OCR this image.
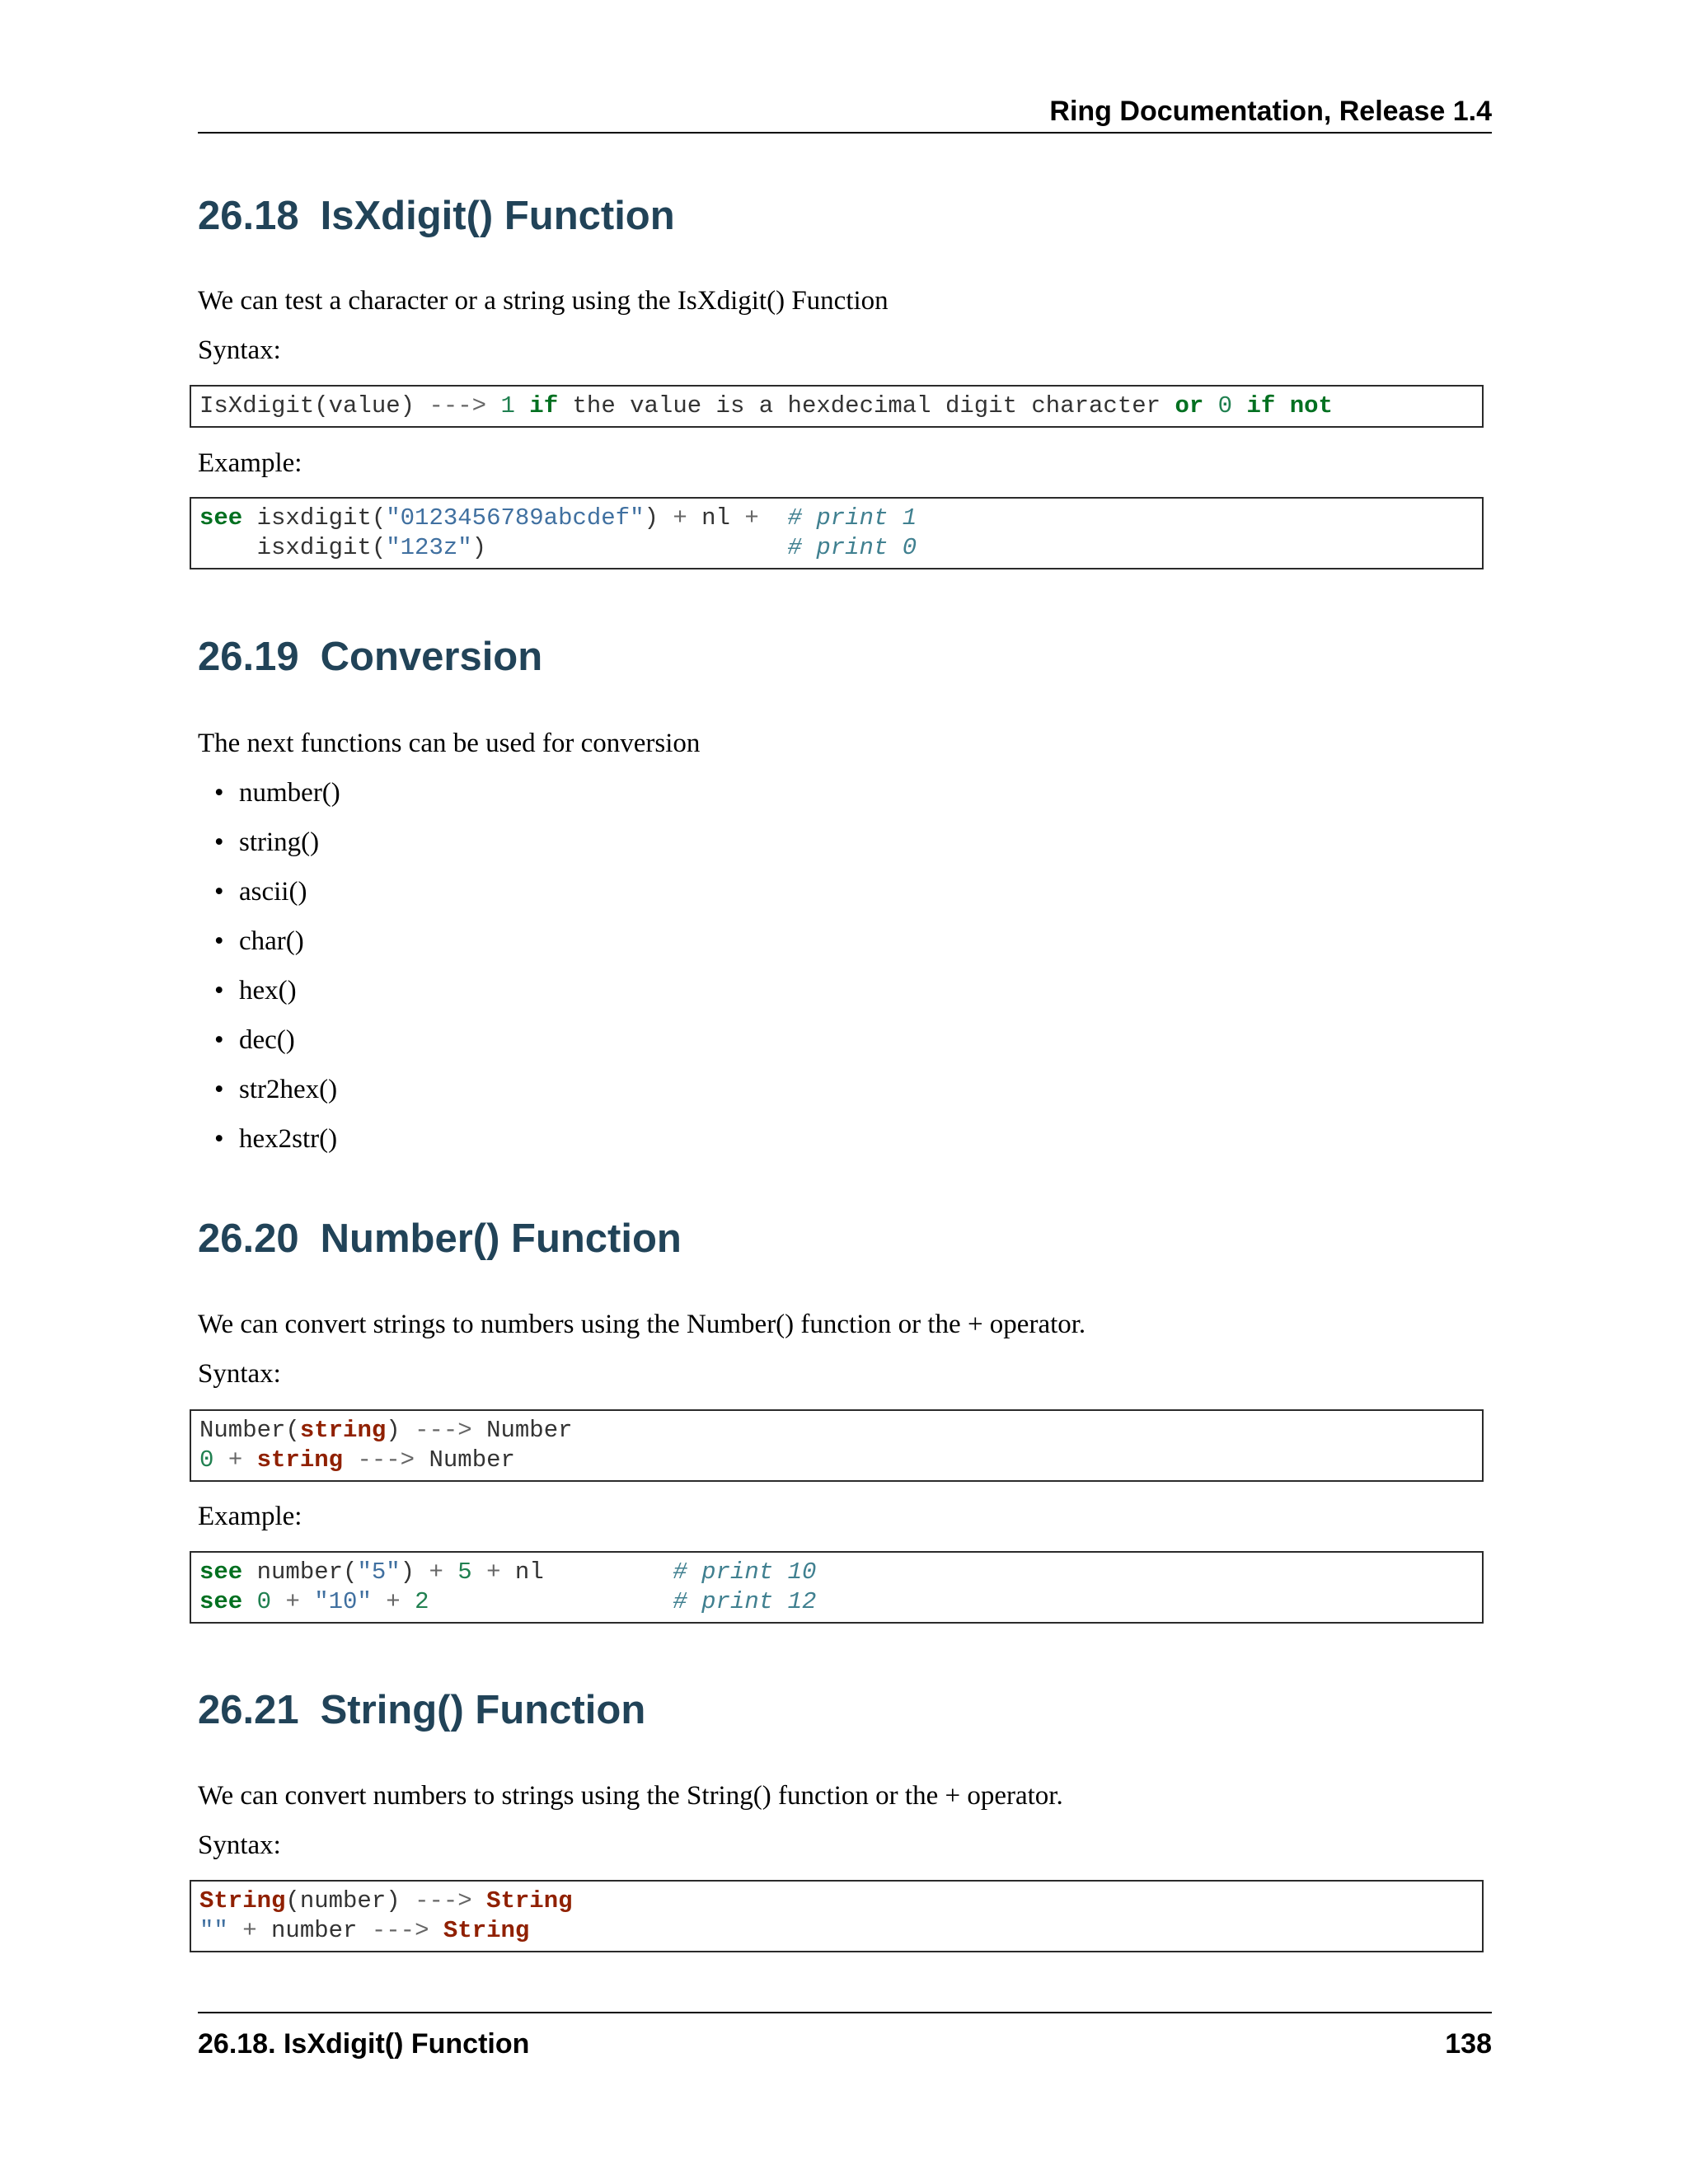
Ring Documentation, Release 1.4
26.18 IsXdigit() Function

We can test a character or a string using the IsXdigit() Function

Syntax:

IsXdigit(value) ---> 1 if the value is a hexdecimal digit character or 0 if not

Example:

see isxdigit("0123456789abcdef") + nl + # print 1
isxdigit("123z")                     # print 0
26.19 Conversion

The next functions can be used for conversion

• number()
• string()
• ascii()
• char()
• hex()
• dec()
• str2hex()
• hex2str()
26.20 Number() Function

We can convert strings to numbers using the Number() function or the + operator.

Syntax:

Number(string) ---> Number
0 + string ---> Number

Example:

see number("5") + 5 + nl         # print 10
see 0 + "10" + 2	# print 12
26.21 String() Function

We can convert numbers to strings using the String() function or the + operator.

Syntax:

String(number) ---> String
"" + number ---> String
26.18. IsXdigit() Function	138
